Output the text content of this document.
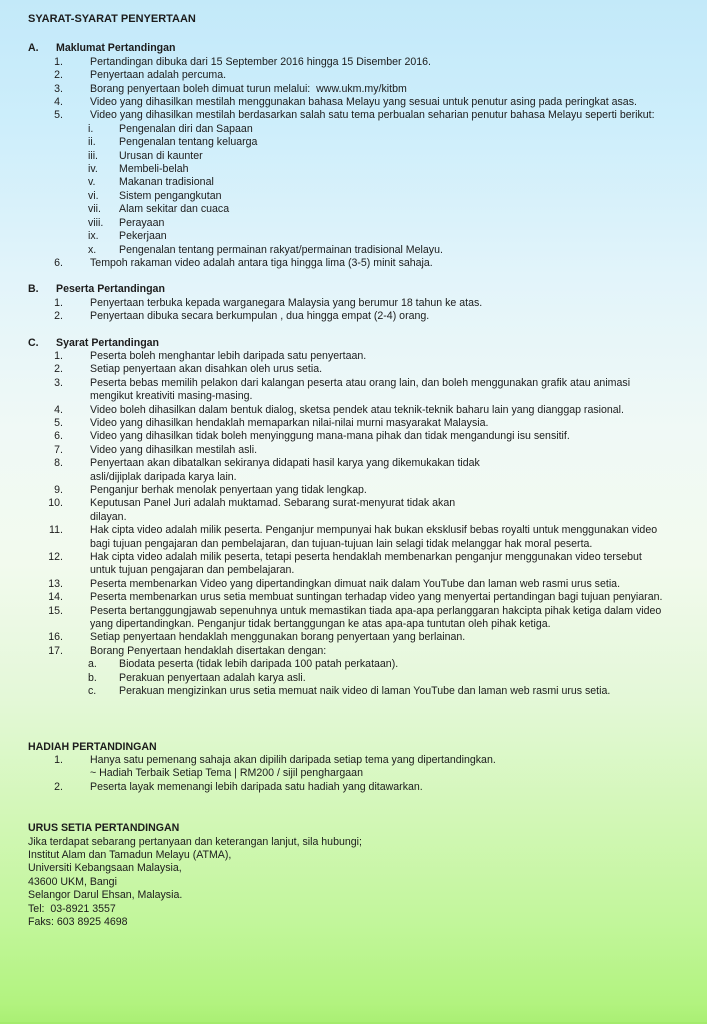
SYARAT-SYARAT PENYERTAAN
A.	Maklumat Pertandingan
1.	Pertandingan dibuka dari 15 September 2016 hingga 15 Disember 2016.
2.	Penyertaan adalah percuma.
3.	Borang penyertaan boleh dimuat turun melalui:  www.ukm.my/kitbm
4.	Video yang dihasilkan mestilah menggunakan bahasa Melayu yang sesuai untuk penutur asing pada peringkat asas.
5.	Video yang dihasilkan mestilah berdasarkan salah satu tema perbualan seharian penutur bahasa Melayu seperti berikut:
i.	Pengenalan diri dan Sapaan
ii.	Pengenalan tentang keluarga
iii.	Urusan di kaunter
iv.	Membeli-belah
v.	Makanan tradisional
vi.	Sistem pengangkutan
vii.	Alam sekitar dan cuaca
viii.	Perayaan
ix.	Pekerjaan
x.	Pengenalan tentang permainan rakyat/permainan tradisional Melayu.
6.	Tempoh rakaman video adalah antara tiga hingga lima (3-5) minit sahaja.
B.	Peserta Pertandingan
1.	Penyertaan terbuka kepada warganegara Malaysia yang berumur 18 tahun ke atas.
2.	Penyertaan dibuka secara berkumpulan , dua hingga empat (2-4) orang.
C.	Syarat Pertandingan
1.	Peserta boleh menghantar lebih daripada satu penyertaan.
2.	Setiap penyertaan akan disahkan oleh urus setia.
3.	Peserta bebas memilih pelakon dari kalangan peserta atau orang lain, dan boleh menggunakan grafik atau animasi
mengikut kreativiti masing-masing.
4.	Video boleh dihasilkan dalam bentuk dialog, sketsa pendek atau teknik-teknik baharu lain yang dianggap rasional.
5.	Video yang dihasilkan hendaklah memaparkan nilai-nilai murni masyarakat Malaysia.
6.	Video yang dihasilkan tidak boleh menyinggung mana-mana pihak dan tidak mengandungi isu sensitif.
7.	Video yang dihasilkan mestilah asli.
8.	Penyertaan akan dibatalkan sekiranya didapati hasil karya yang dikemukakan tidak
asli/dijiplak daripada karya lain.
9.	Penganjur berhak menolak penyertaan yang tidak lengkap.
10.	Keputusan Panel Juri adalah muktamad. Sebarang surat-menyurat tidak akan
dilayan.
11.	Hak cipta video adalah milik peserta. Penganjur mempunyai hak bukan eksklusif bebas royalti untuk menggunakan video
bagi tujuan pengajaran dan pembelajaran, dan tujuan-tujuan lain selagi tidak melanggar hak moral peserta.
12.	Hak cipta video adalah milik peserta, tetapi peserta hendaklah membenarkan penganjur menggunakan video tersebut
untuk tujuan pengajaran dan pembelajaran.
13.	Peserta membenarkan Video yang dipertandingkan dimuat naik dalam YouTube dan laman web rasmi urus setia.
14.	Peserta membenarkan urus setia membuat suntingan terhadap video yang menyertai pertandingan bagi tujuan penyiaran.
15.	Peserta bertanggungjawab sepenuhnya untuk memastikan tiada apa-apa perlanggaran hakcipta pihak ketiga dalam video
yang dipertandingkan. Penganjur tidak bertanggungan ke atas apa-apa tuntutan oleh pihak ketiga.
16.	Setiap penyertaan hendaklah menggunakan borang penyertaan yang berlainan.
17.	Borang Penyertaan hendaklah disertakan dengan:
a.	Biodata peserta (tidak lebih daripada 100 patah perkataan).
b.	Perakuan penyertaan adalah karya asli.
c.	Perakuan mengizinkan urus setia memuat naik video di laman YouTube dan laman web rasmi urus setia.
HADIAH PERTANDINGAN
1.	Hanya satu pemenang sahaja akan dipilih daripada setiap tema yang dipertandingkan.
~ Hadiah Terbaik Setiap Tema | RM200 / sijil penghargaan
2.	Peserta layak memenangi lebih daripada satu hadiah yang ditawarkan.
URUS SETIA PERTANDINGAN
Jika terdapat sebarang pertanyaan dan keterangan lanjut, sila hubungi;
Institut Alam dan Tamadun Melayu (ATMA),
Universiti Kebangsaan Malaysia,
43600 UKM, Bangi
Selangor Darul Ehsan, Malaysia.
Tel:  03-8921 3557
Faks: 603 8925 4698
